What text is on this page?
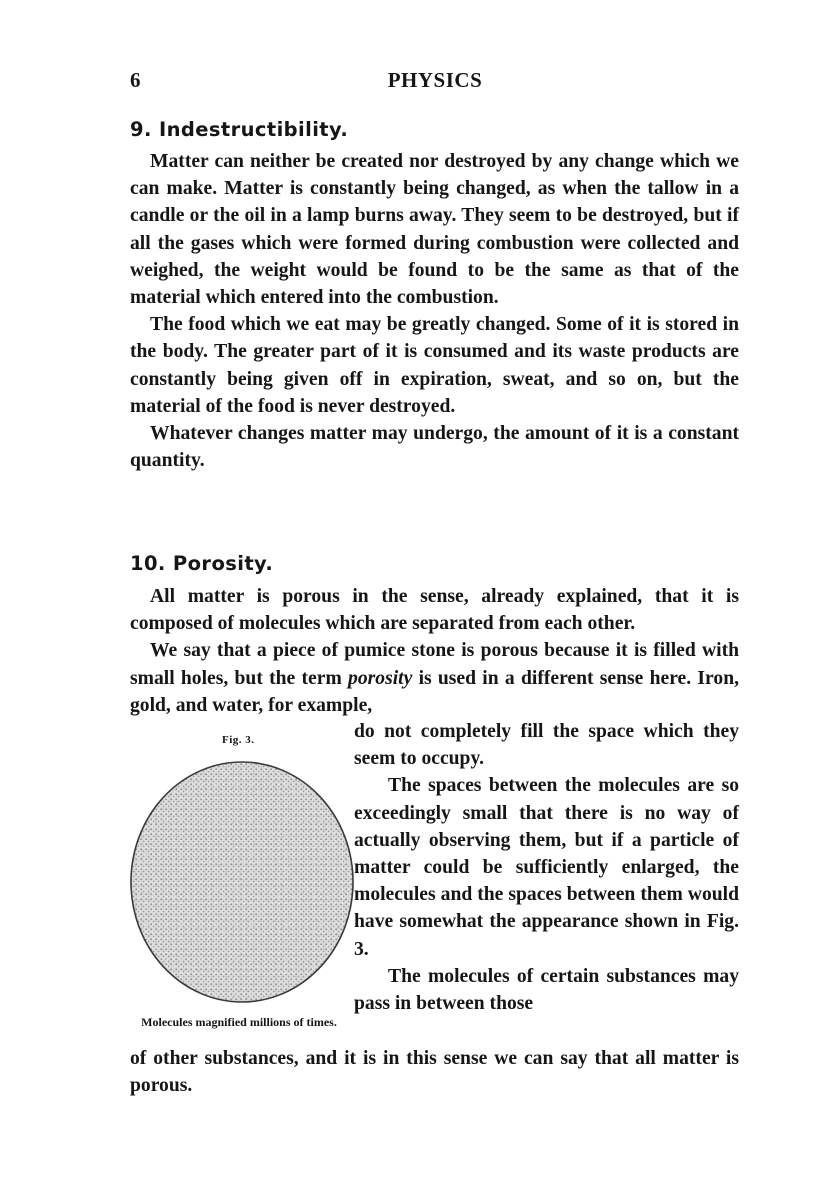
6	PHYSICS
9. Indestructibility.

Matter can neither be created nor destroyed by any change which we can make. Matter is constantly being changed, as when the tallow in a candle or the oil in a lamp burns away. They seem to be destroyed, but if all the gases which were formed during combustion were collected and weighed, the weight would be found to be the same as that of the material which entered into the combustion.

The food which we eat may be greatly changed. Some of it is stored in the body. The greater part of it is consumed and its waste products are constantly being given off in expiration, sweat, and so on, but the material of the food is never destroyed.

Whatever changes matter may undergo, the amount of it is a constant quantity.

10. Porosity.

All matter is porous in the sense, already explained, that it is composed of molecules which are separated from each other.

We say that a piece of pumice stone is porous because it is filled with small holes, but the term porosity is used in a different sense here. Iron, gold, and water, for example,

Fig. 3.
Molecules magnified millions of times.

do not completely fill the space which they seem to occupy.

The spaces between the molecules are so exceedingly small that there is no way of actually observing them, but if a particle of matter could be sufficiently enlarged, the molecules and the spaces between them would have somewhat the appearance shown in Fig. 3.

The molecules of certain substances may pass in between those

of other substances, and it is in this sense we can say that all matter is porous.
